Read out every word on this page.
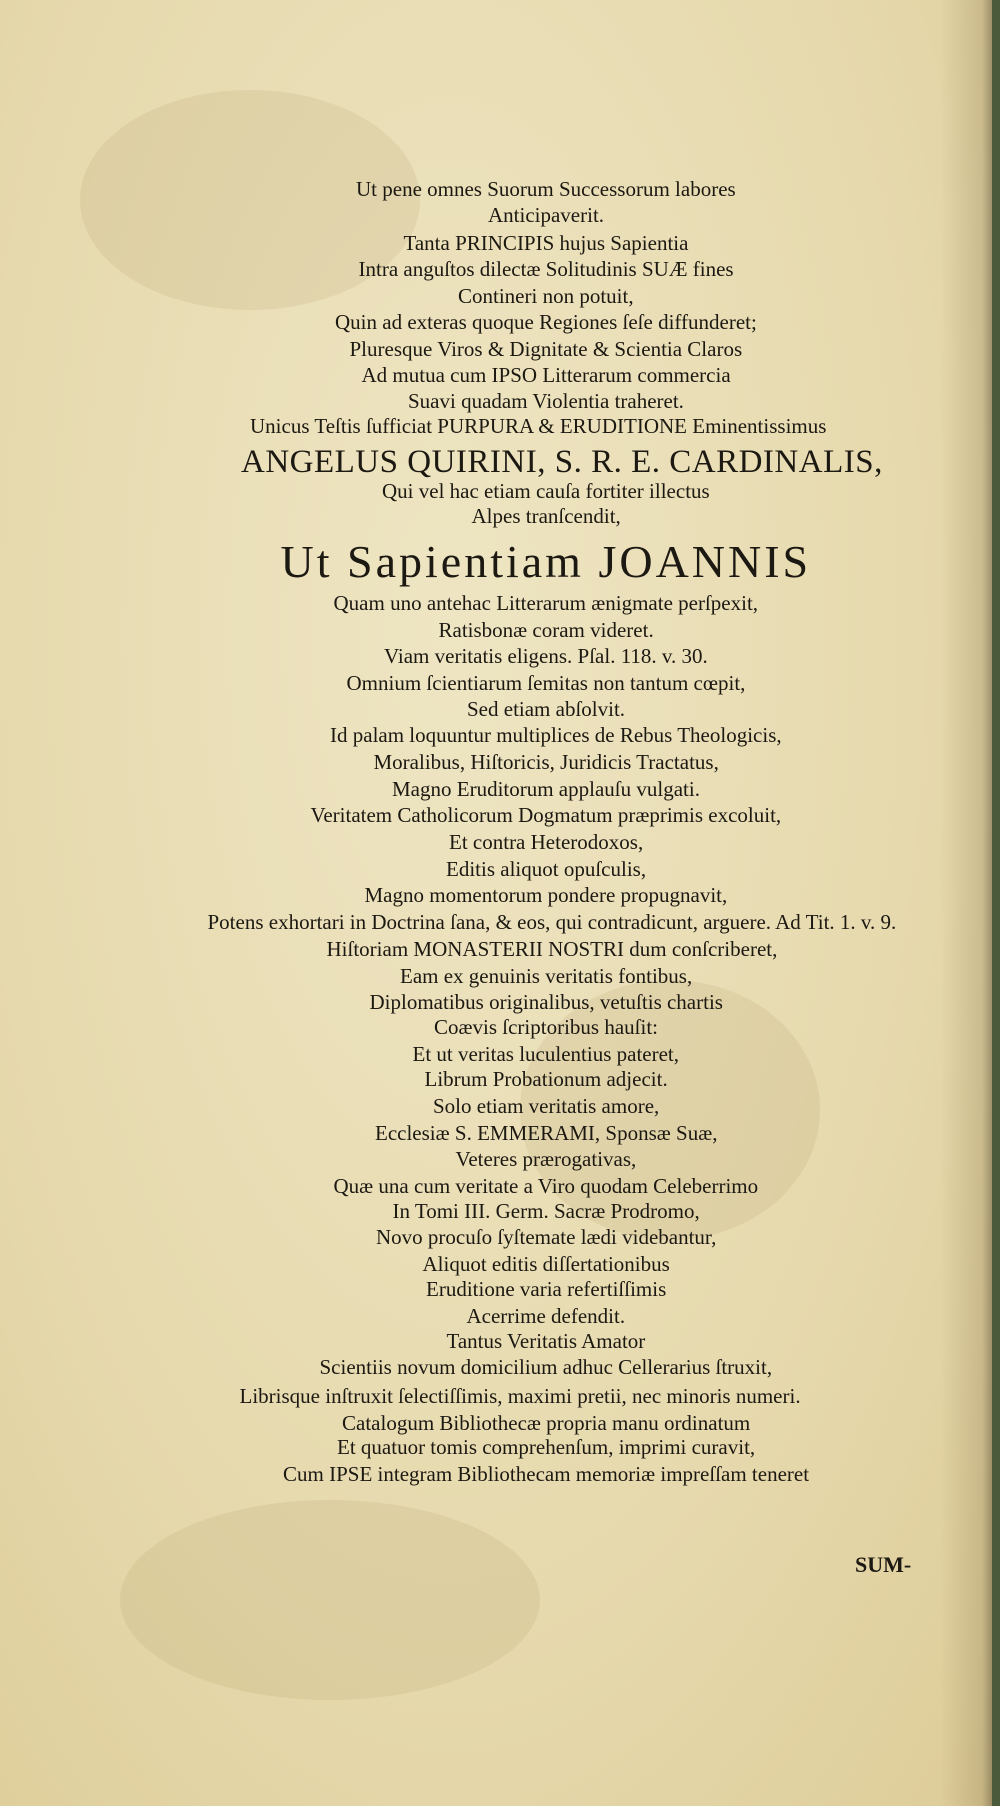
Ut pene omnes Suorum Successorum labores
Anticipaverit.
Tanta PRINCIPIS hujus Sapientia
Intra anguſtos dilectæ Solitudinis SUÆ fines
Contineri non potuit,
Quin ad exteras quoque Regiones ſeſe diffunderet;
Pluresque Viros & Dignitate & Scientia Claros
Ad mutua cum IPSO Litterarum commercia
Suavi quadam Violentia traheret.
Unicus Teſtis ſufficiat PURPURA & ERUDITIONE Eminentissimus
ANGELUS QUIRINI, S. R. E. CARDINALIS,
Qui vel hac etiam cauſa fortiter illectus
Alpes tranſcendit,
Ut Sapientiam JOANNIS
Quam uno antehac Litterarum ænigmate perſpexit,
Ratisbonæ coram videret.
Viam veritatis eligens. Pſal. 118. v. 30.
Omnium ſcientiarum ſemitas non tantum cœpit,
Sed etiam abſolvit.
Id palam loquuntur multiplices de Rebus Theologicis,
Moralibus, Hiſtoricis, Juridicis Tractatus,
Magno Eruditorum applauſu vulgati.
Veritatem Catholicorum Dogmatum præprimis excoluit,
Et contra Heterodoxos,
Editis aliquot opuſculis,
Magno momentorum pondere propugnavit,
Potens exhortari in Doctrina ſana, & eos, qui contradicunt, arguere. Ad Tit. 1. v. 9.
Hiſtoriam MONASTERII NOSTRI dum conſcriberet,
Eam ex genuinis veritatis fontibus,
Diplomatibus originalibus, vetuſtis chartis
Coævis ſcriptoribus hauſit:
Et ut veritas luculentius pateret,
Librum Probationum adjecit.
Solo etiam veritatis amore,
Ecclesiæ S. EMMERAMI, Sponsæ Suæ,
Veteres prærogativas,
Quæ una cum veritate a Viro quodam Celeberrimo
In Tomi III. Germ. Sacræ Prodromo,
Novo procuſo ſyſtemate lædi videbantur,
Aliquot editis diſſertationibus
Eruditione varia refertiſſimis
Acerrime defendit.
Tantus Veritatis Amator
Scientiis novum domicilium adhuc Cellerarius ſtruxit,
Librisque inſtruxit ſelectiſſimis, maximi pretii, nec minoris numeri.
Catalogum Bibliothecæ propria manu ordinatum
Et quatuor tomis comprehenſum, imprimi curavit,
Cum IPSE integram Bibliothecam memoriæ impreſſam teneret
SUM-
